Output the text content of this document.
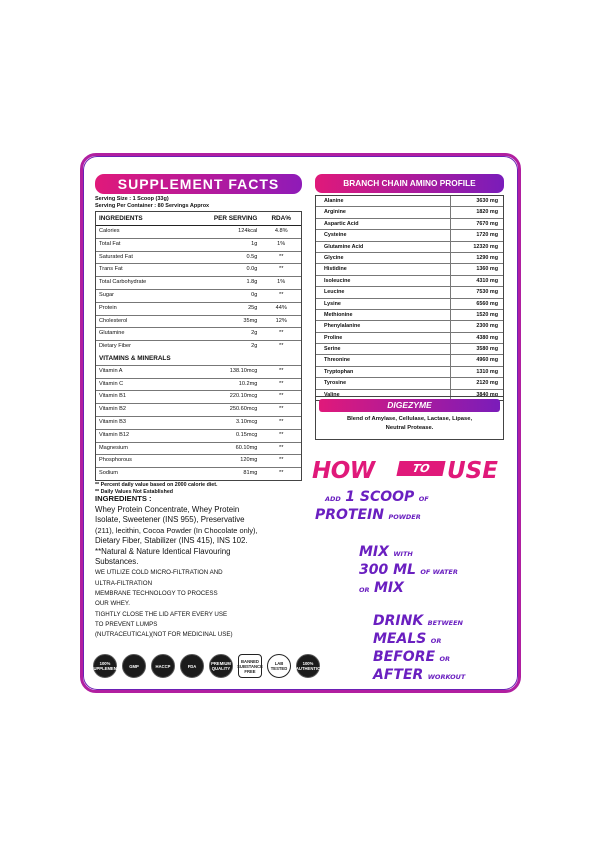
SUPPLEMENT FACTS
Serving Size : 1 Scoop (33g)
Serving Per Container : 80 Servings Approx
INGREDIENTS	PER SERVING	RDA%
Calories	124kcal	4.8%
Total Fat	1g	1%
Saturated Fat	0.5g	**
Trans Fat	0.0g	**
Total Carbohydrate	1.8g	1%
Sugar	0g	**
Protein	25g	44%
Cholesterol	35mg	12%
Glutamine	2g	**
Dietary Fiber	2g	**
VITAMINS & MINERALS
Vitamin A	138.10mcg	**
Vitamin C	10.2mg	**
Vitamin B1	220.10mcg	**
Vitamin B2	250.60mcg	**
Vitamin B3	3.10mcg	**
Vitamin B12	0.15mcg	**
Magnesium	60.10mg	**
Phosphorous	120mg	**
Sodium	81mg	**
** Percent daily value based on 2000 calorie diet.
** Daily Values Not Established
INGREDIENTS :
Whey Protein Concentrate, Whey Protein
Isolate, Sweetener (INS 955), Preservative
(211), lecithin, Cocoa Powder (In Chocolate only),
Dietary Fiber, Stabilizer (INS 415), INS 102.
**Natural & Nature Identical Flavouring
Substances.
WE UTILIZE COLD MICRO-FILTRATION AND
ULTRA-FILTRATION
MEMBRANE TECHNOLOGY TO PROCESS
OUR WHEY.
TIGHTLY CLOSE THE LID AFTER EVERY USE
TO PREVENT LUMPS
(NUTRACEUTICAL)(NOT FOR MEDICINAL USE)
100% SUPPLEMENT	GMP	HACCP	FDA	PREMIUM QUALITY
BANNED SUBSTANCE FREE
LAB TESTED
100% AUTHENTIC
BRANCH CHAIN AMINO PROFILE
Alanine	3630 mg
Arginine	1820 mg
Aspartic Acid	7670 mg
Cysteine	1720 mg
Glutamine Acid	12320 mg
Glycine	1290 mg
Histidine	1360 mg
Isoleucine	4310 mg
Leucine	7530 mg
Lysine	6560 mg
Methionine	1520 mg
Phenylalanine	2300 mg
Proline	4380 mg
Serine	3580 mg
Threonine	4960 mg
Tryptophan	1310 mg
Tyrosine	2120 mg
Valine	3840 mg
DIGEZYME
Blend of Amylase, Cellulase, Lactase, Lipase,
Neutral Protease.
HOW	TO USE
ADD 1 SCOOP OF
PROTEIN POWDER
MIX WITH
300 ML OF WATER
OR MIX
DRINK BETWEEN
MEALS OR
BEFORE OR
AFTER WORKOUT
